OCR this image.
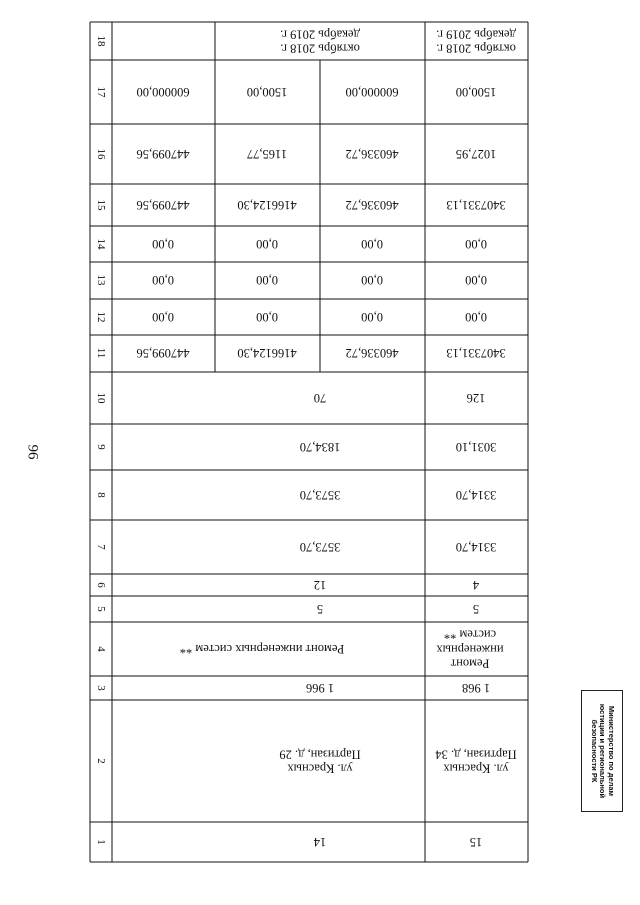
96
1
2
3
4
5
6
7
8
9
10
11
12
13
14
15
16
17
18
14
ул. Красных
Партизан, д. 29
1 966
Ремонт инженерных систем **
5
12
3573,70
3573,70
1834,70
70
460336,72
4166124,30
447099,56
0,00
0,00
0,00
0,00
0,00
0,00
0,00
0,00
0,00
460336,72
4166124,30
447099,56
460336,72
1165,77
447099,56
600000,00
1500,00
600000,00
октябрь 2018 г.
декабрь 2019 г.
15
ул. Красных
Партизан, д. 34
1 968
Ремонт
инженерных
систем **
5
4
3314,70
3314,70
3031,10
126
3407331,13
0,00
0,00
0,00
3407331,13
1027,95
1500,00
октябрь 2018 г.
декабрь 2019 г.
Министерство по делам
юстиции и региональной
безопасности РК
